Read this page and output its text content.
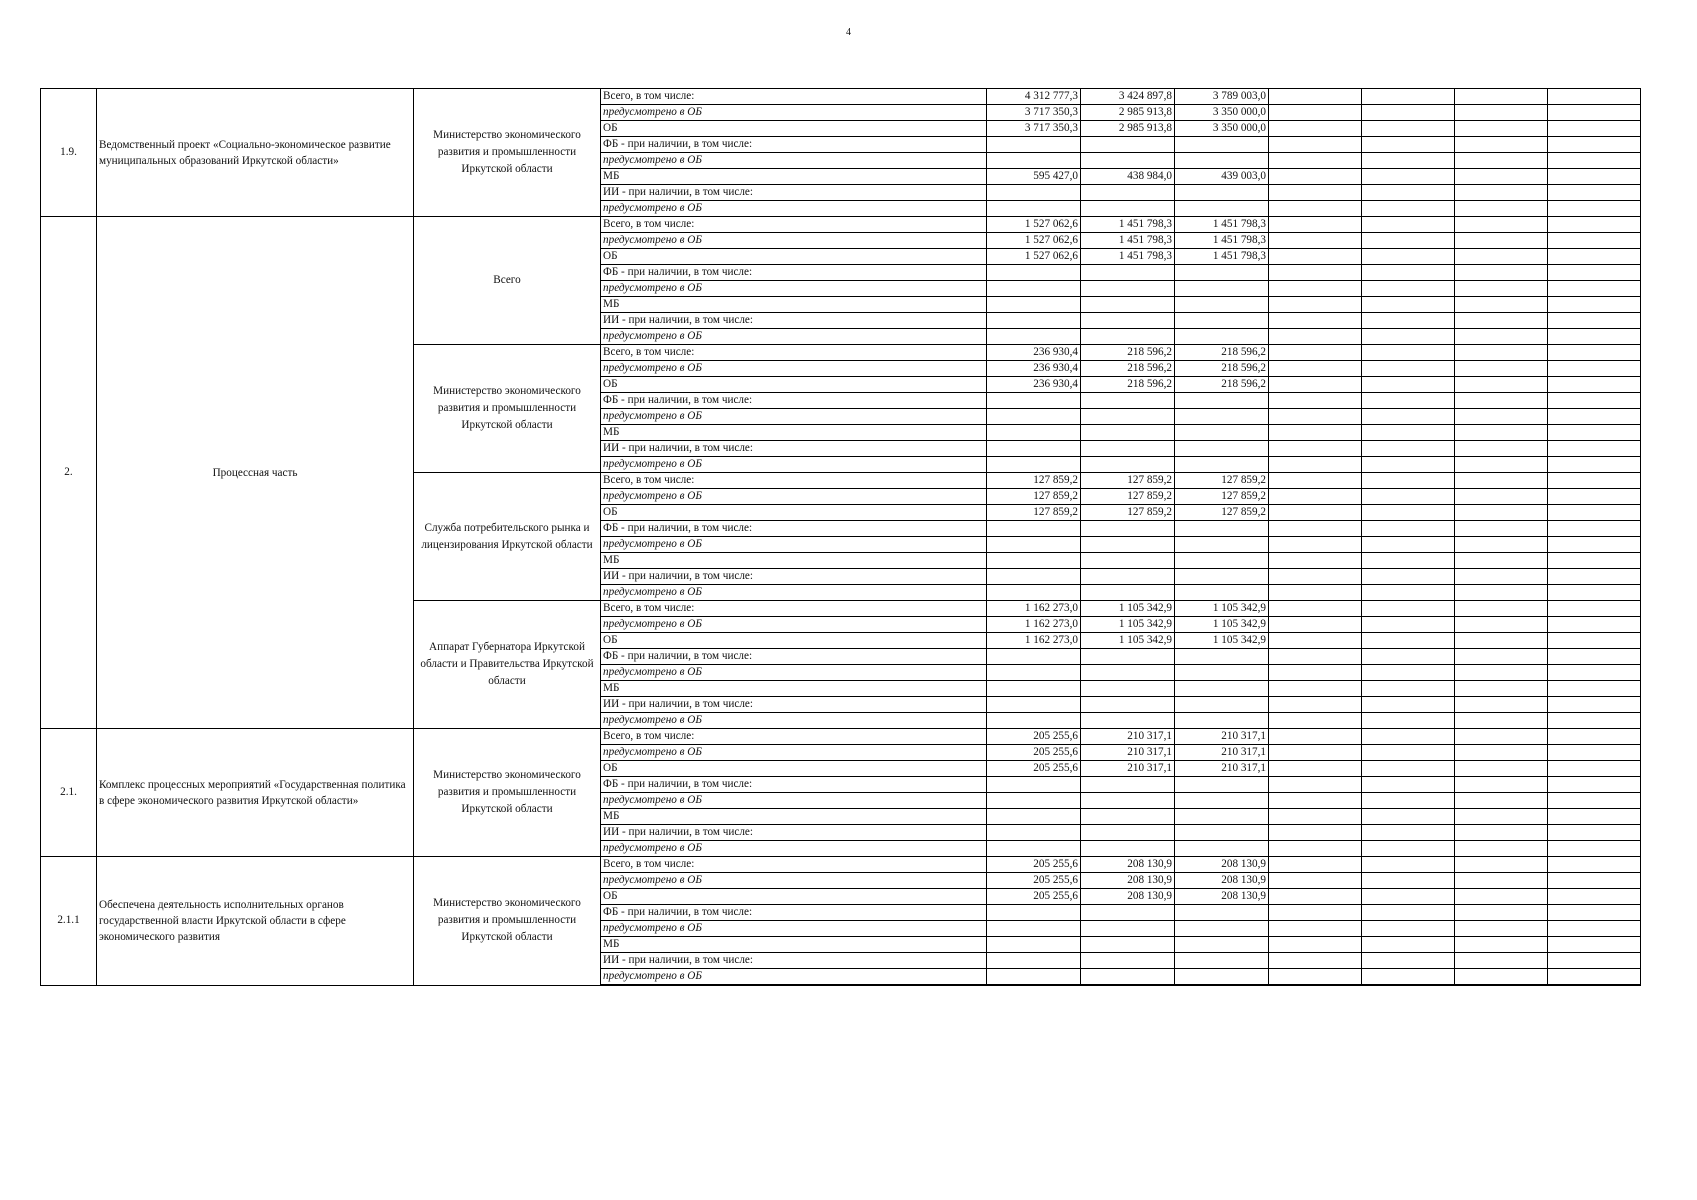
4
1.9.	Ведомственный проект «Социально-экономическое развитие муниципальных образований Иркутской области»	Министерство экономического развития и промышленности Иркутской области	Всего, в том числе:	4 312 777,3	3 424 897,8	3 789 003,0				
			предусмотрено в ОБ	3 717 350,3	2 985 913,8	3 350 000,0				
			ОБ	3 717 350,3	2 985 913,8	3 350 000,0				
			ФБ - при наличии, в том числе:							
			предусмотрено в ОБ							
			МБ	595 427,0	438 984,0	439 003,0				
			ИИ - при наличии, в том числе:							
			предусмотрено в ОБ							
2.	Процессная часть	Всего	Всего, в том числе:	1 527 062,6	1 451 798,3	1 451 798,3				
			предусмотрено в ОБ	1 527 062,6	1 451 798,3	1 451 798,3				
			ОБ	1 527 062,6	1 451 798,3	1 451 798,3				
			ФБ - при наличии, в том числе:							
			предусмотрено в ОБ							
			МБ							
			ИИ - при наличии, в том числе:							
			предусмотрено в ОБ							
		Министерство экономического развития и промышленности Иркутской области	Всего, в том числе:	236 930,4	218 596,2	218 596,2				
			предусмотрено в ОБ	236 930,4	218 596,2	218 596,2				
			ОБ	236 930,4	218 596,2	218 596,2				
			ФБ - при наличии, в том числе:							
			предусмотрено в ОБ							
			МБ							
			ИИ - при наличии, в том числе:							
			предусмотрено в ОБ							
		Служба потребительского рынка и лицензирования Иркутской области	Всего, в том числе:	127 859,2	127 859,2	127 859,2				
			предусмотрено в ОБ	127 859,2	127 859,2	127 859,2				
			ОБ	127 859,2	127 859,2	127 859,2				
			ФБ - при наличии, в том числе:							
			предусмотрено в ОБ							
			МБ							
			ИИ - при наличии, в том числе:							
			предусмотрено в ОБ							
		Аппарат Губернатора Иркутской области и Правительства Иркутской области	Всего, в том числе:	1 162 273,0	1 105 342,9	1 105 342,9				
			предусмотрено в ОБ	1 162 273,0	1 105 342,9	1 105 342,9				
			ОБ	1 162 273,0	1 105 342,9	1 105 342,9				
			ФБ - при наличии, в том числе:							
			предусмотрено в ОБ							
			МБ							
			ИИ - при наличии, в том числе:							
			предусмотрено в ОБ							
2.1.	Комплекс процессных мероприятий «Государственная политика в сфере экономического развития Иркутской области»	Министерство экономического развития и промышленности Иркутской области	Всего, в том числе:	205 255,6	210 317,1	210 317,1				
			предусмотрено в ОБ	205 255,6	210 317,1	210 317,1				
			ОБ	205 255,6	210 317,1	210 317,1				
			ФБ - при наличии, в том числе:							
			предусмотрено в ОБ							
			МБ							
			ИИ - при наличии, в том числе:							
			предусмотрено в ОБ							
2.1.1	Обеспечена деятельность исполнительных органов государственной власти Иркутской области в сфере экономического развития	Министерство экономического развития и промышленности Иркутской области	Всего, в том числе:	205 255,6	208 130,9	208 130,9				
			предусмотрено в ОБ	205 255,6	208 130,9	208 130,9				
			ОБ	205 255,6	208 130,9	208 130,9				
			ФБ - при наличии, в том числе:							
			предусмотрено в ОБ							
			МБ							
			ИИ - при наличии, в том числе:							
			предусмотрено в ОБ							
